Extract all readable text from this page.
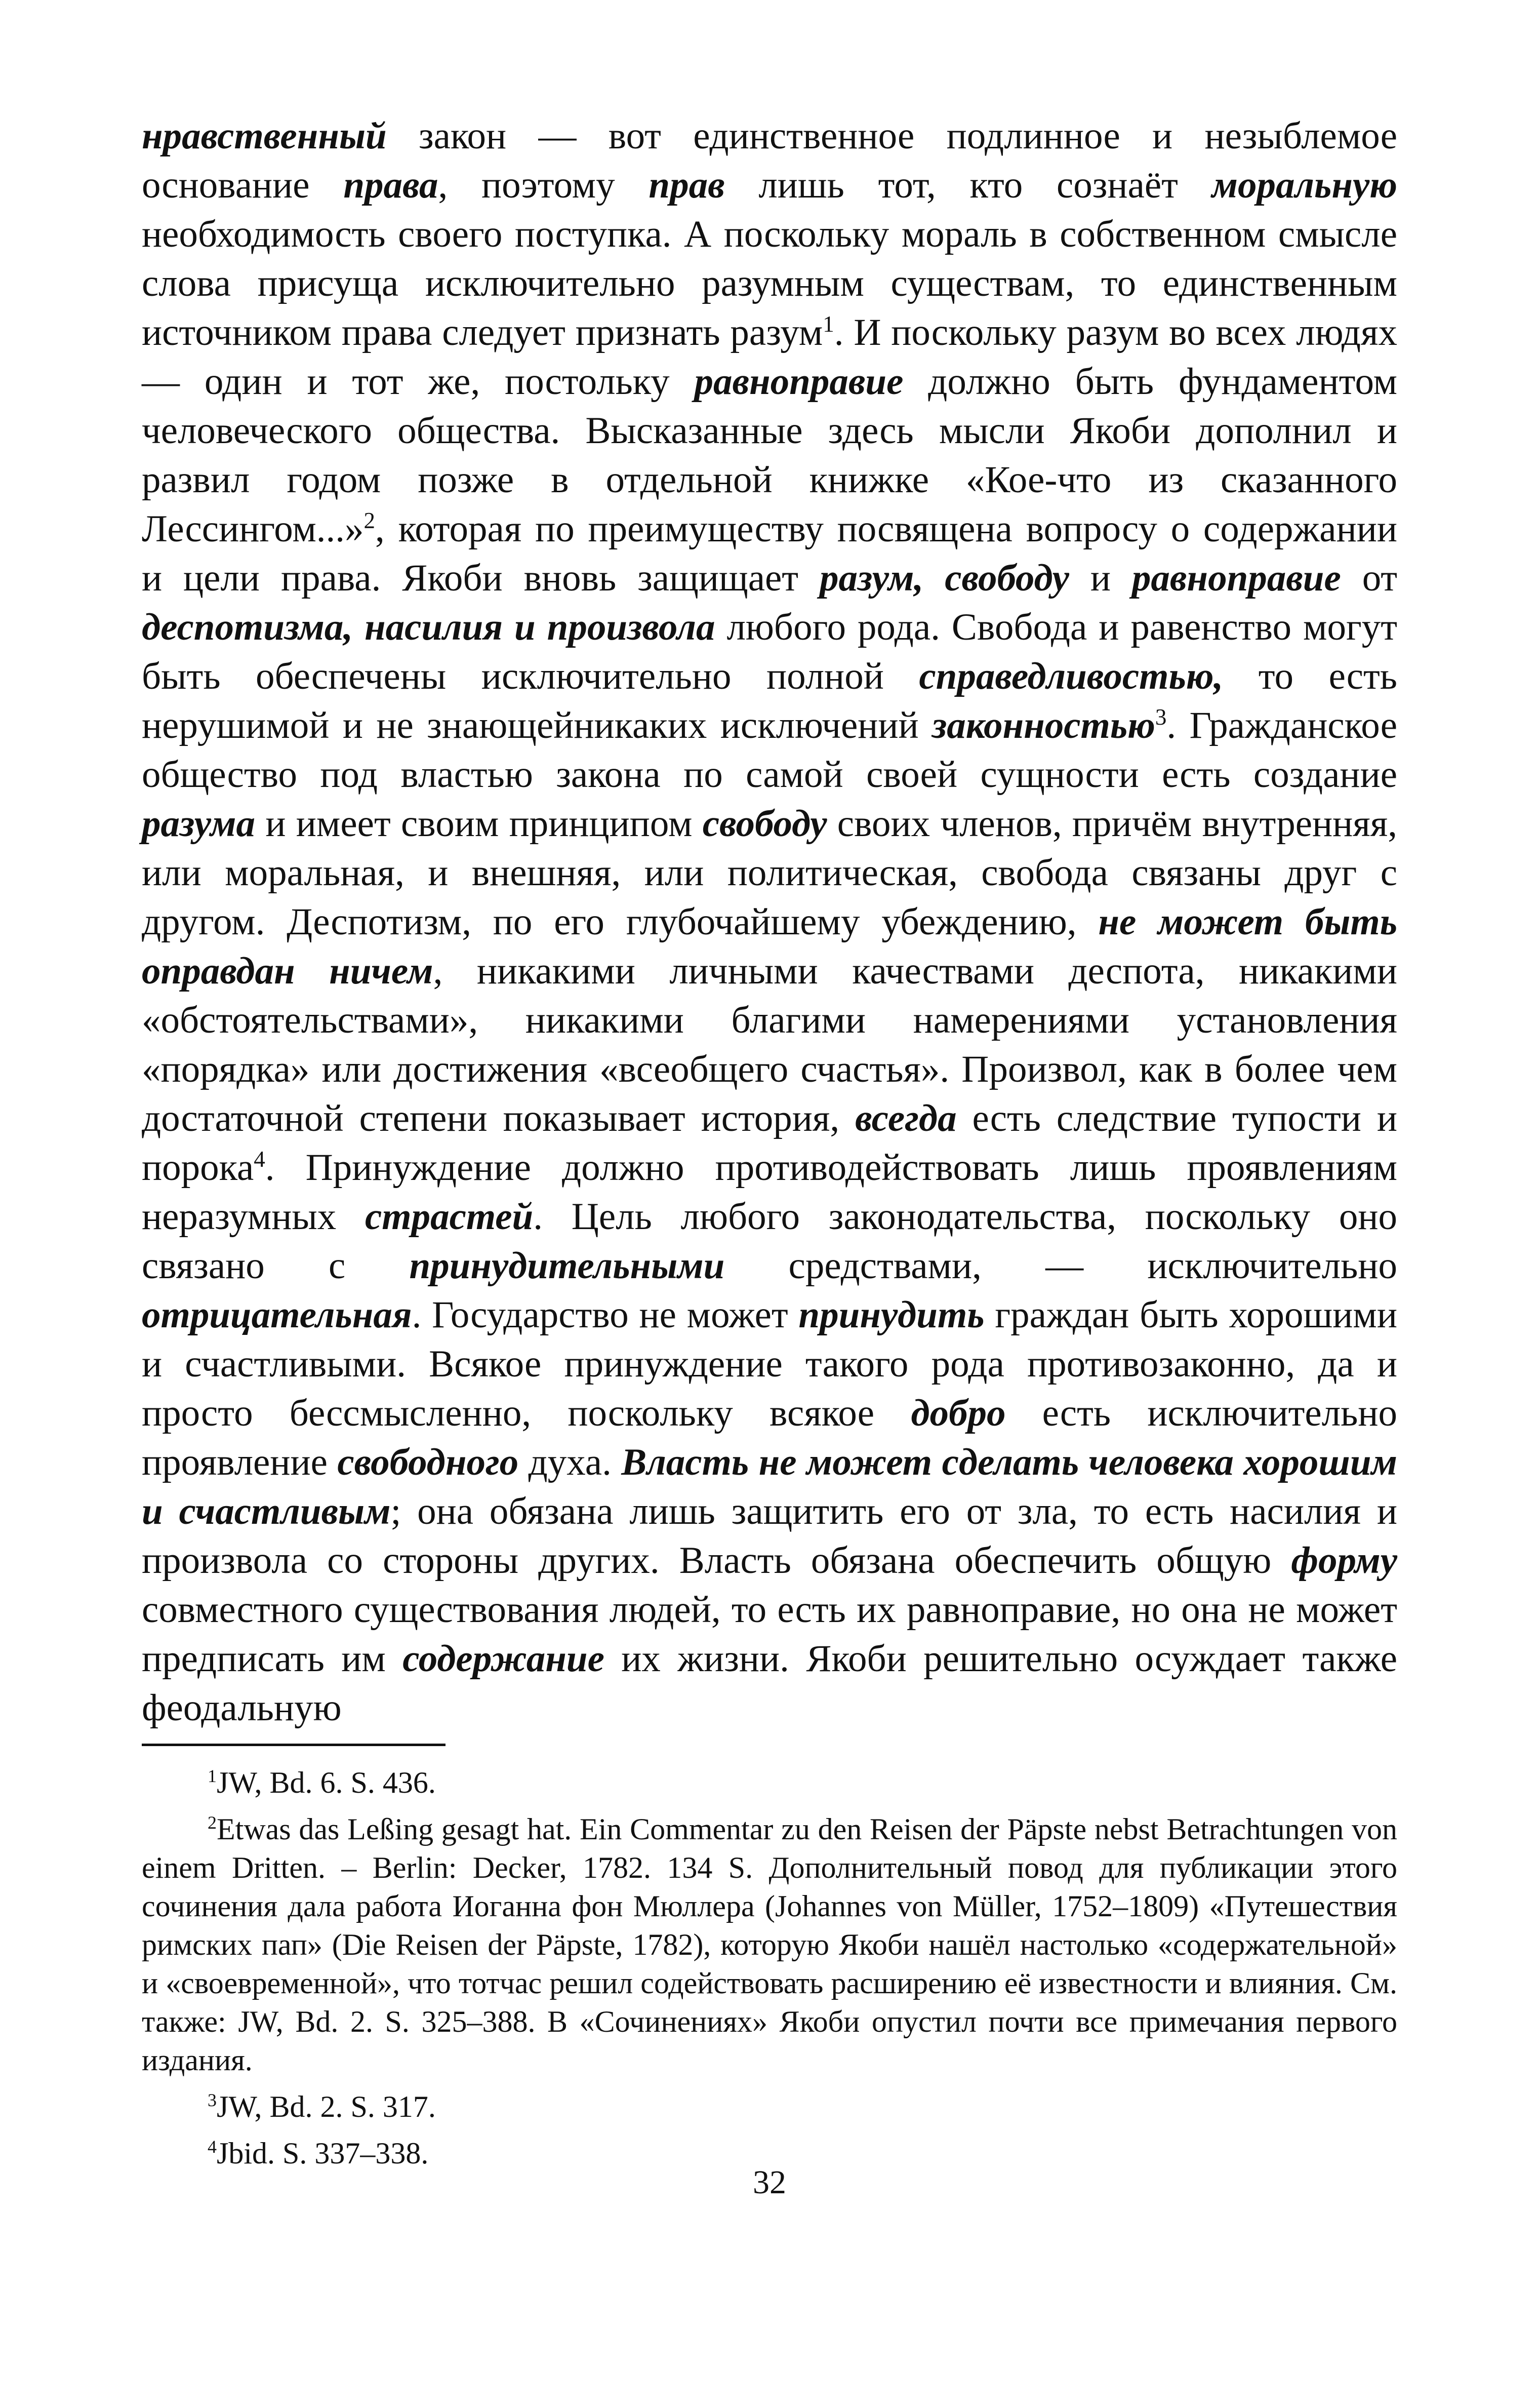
нравственный закон — вот единственное подлинное и незыблемое основание права, поэтому прав лишь тот, кто сознаёт моральную необходимость своего поступка. А поскольку мораль в собственном смысле слова присуща исключительно разумным существам, то единственным источником права следует признать разум$^1$. И поскольку разум во всех людях — один и тот же, постольку равноправие должно быть фундаментом человеческого общества. Высказанные здесь мысли Якоби дополнил и развил годом позже в отдельной книжке «Кое-что из сказанного Лессингом...»$^2$, которая по преимуществу посвящена вопросу о содержании и цели права. Якоби вновь защищает разум, свободу и равноправие от деспотизма, насилия и произвола любого рода. Свобода и равенство могут быть обеспечены исключительно полной справедливостью, то есть нерушимой и не знающейникаких исключений законностью$^3$. Гражданское общество под властью закона по самой своей сущности есть создание разума и имеет своим принципом свободу своих членов, причём внутренняя, или моральная, и внешняя, или политическая, свобода связаны друг с другом. Деспотизм, по его глубочайшему убеждению, не может быть оправдан ничем, никакими личными качествами деспота, никакими «обстоятельствами», никакими благими намерениями установления «порядка» или достижения «всеобщего счастья». Произвол, как в более чем достаточной степени показывает история, всегда есть следствие тупости и порока$^4$. Принуждение должно противодействовать лишь проявлениям неразумных страстей. Цель любого законодательства, поскольку оно связано с принудительными средствами, — исключительно отрицательная. Государство не может принудить граждан быть хорошими и счастливыми. Всякое принуждение такого рода противозаконно, да и просто бессмысленно, поскольку всякое добро есть исключительно проявление свободного духа. Власть не может сделать человека хорошим и счастливым; она обязана лишь защитить его от зла, то есть насилия и произвола со стороны других. Власть обязана обеспечить общую форму совместного существования людей, то есть их равноправие, но она не может предписать им содержание их жизни. Якоби решительно осуждает также феодальную

$^1$JW, Bd. 6. S. 436.

$^2$Etwas das Leßing gesagt hat. Ein Commentar zu den Reisen der Päpste nebst Betrachtungen von einem Dritten. – Berlin: Decker, 1782. 134 S. Дополнительный повод для публикации этого сочинения дала работа Иоганна фон Мюллера (Johannes von Müller, 1752–1809) «Путешествия римских пап» (Die Reisen der Päpste, 1782), которую Якоби нашёл настолько «содержательной» и «своевременной», что тотчас решил содействовать расширению её известности и влияния. См. также: JW, Bd. 2. S. 325–388. В «Сочинениях» Якоби опустил почти все примечания первого издания.

$^3$JW, Bd. 2. S. 317.

$^4$Jbid. S. 337–338.

32
